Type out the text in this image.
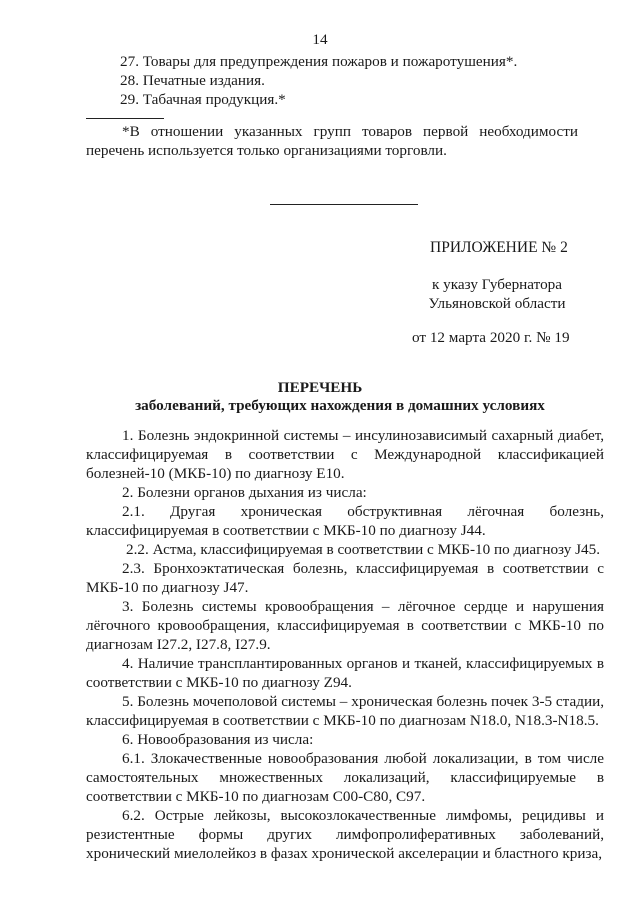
14
27. Товары для предупреждения пожаров и пожаротушения*.
28. Печатные издания.
29. Табачная продукция.*
*В отношении указанных групп товаров первой необходимости перечень используется только организациями торговли.
ПРИЛОЖЕНИЕ № 2
к указу Губернатора
Ульяновской области
от 12 марта 2020 г. № 19
ПЕРЕЧЕНЬ
заболеваний, требующих нахождения в домашних условиях

1. Болезнь эндокринной системы – инсулинозависимый сахарный диабет, классифицируемая в соответствии с Международной классификацией болезней-10 (МКБ-10) по диагнозу Е10.

2. Болезни органов дыхания из числа:

2.1. Другая хроническая обструктивная лёгочная болезнь, классифицируемая в соответствии с МКБ-10 по диагнозу J44.

2.2. Астма, классифицируемая в соответствии с МКБ-10 по диагнозу J45.

2.3. Бронхоэктатическая болезнь, классифицируемая в соответствии с МКБ-10 по диагнозу J47.

3. Болезнь системы кровообращения – лёгочное сердце и нарушения лёгочного кровообращения, классифицируемая в соответствии с МКБ-10 по диагнозам I27.2, I27.8, I27.9.

4. Наличие трансплантированных органов и тканей, классифицируемых в соответствии с МКБ-10 по диагнозу Z94.

5. Болезнь мочеполовой системы – хроническая болезнь почек 3-5 стадии, классифицируемая в соответствии с МКБ-10 по диагнозам N18.0, N18.3-N18.5.

6. Новообразования из числа:

6.1. Злокачественные новообразования любой локализации, в том числе самостоятельных множественных локализаций, классифицируемые в соответствии с МКБ-10 по диагнозам С00-С80, С97.

6.2. Острые лейкозы, высокозлокачественные лимфомы, рецидивы и резистентные формы других лимфопролиферативных заболеваний, хронический миелолейкоз в фазах хронической акселерации и бластного криза,
